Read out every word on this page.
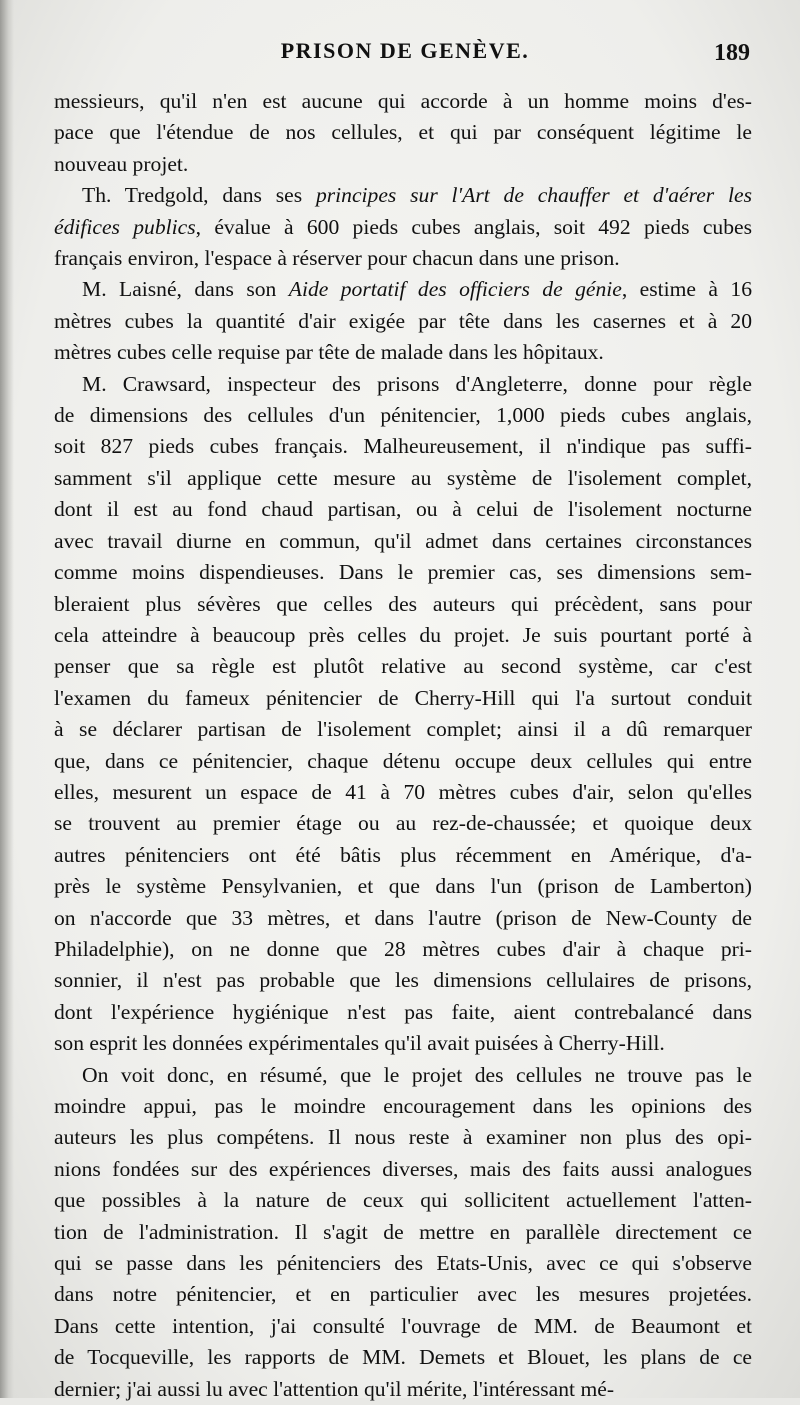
PRISON DE GENÈVE.	189
messieurs, qu'il n'en est aucune qui accorde à un homme moins d'es-
pace que l'étendue de nos cellules, et qui par conséquent légitime le
nouveau projet.
Th. Tredgold, dans ses principes sur l'Art de chauffer et d'aérer les
édifices publics, évalue à 600 pieds cubes anglais, soit 492 pieds cubes
français environ, l'espace à réserver pour chacun dans une prison.
M. Laisné, dans son Aide portatif des officiers de génie, estime à 16
mètres cubes la quantité d'air exigée par tête dans les casernes et à 20
mètres cubes celle requise par tête de malade dans les hôpitaux.
M. Crawsard, inspecteur des prisons d'Angleterre, donne pour règle
de dimensions des cellules d'un pénitencier, 1,000 pieds cubes anglais,
soit 827 pieds cubes français. Malheureusement, il n'indique pas suffi-
samment s'il applique cette mesure au système de l'isolement complet,
dont il est au fond chaud partisan, ou à celui de l'isolement nocturne
avec travail diurne en commun, qu'il admet dans certaines circonstances
comme moins dispendieuses. Dans le premier cas, ses dimensions sem-
bleraient plus sévères que celles des auteurs qui précèdent, sans pour
cela atteindre à beaucoup près celles du projet. Je suis pourtant porté à
penser que sa règle est plutôt relative au second système, car c'est
l'examen du fameux pénitencier de Cherry-Hill qui l'a surtout conduit
à se déclarer partisan de l'isolement complet; ainsi il a dû remarquer
que, dans ce pénitencier, chaque détenu occupe deux cellules qui entre
elles, mesurent un espace de 41 à 70 mètres cubes d'air, selon qu'elles
se trouvent au premier étage ou au rez-de-chaussée; et quoique deux
autres pénitenciers ont été bâtis plus récemment en Amérique, d'a-
près le système Pensylvanien, et que dans l'un (prison de Lamberton)
on n'accorde que 33 mètres, et dans l'autre (prison de New-County de
Philadelphie), on ne donne que 28 mètres cubes d'air à chaque pri-
sonnier, il n'est pas probable que les dimensions cellulaires de prisons,
dont l'expérience hygiénique n'est pas faite, aient contrebalancé dans
son esprit les données expérimentales qu'il avait puisées à Cherry-Hill.
On voit donc, en résumé, que le projet des cellules ne trouve pas le
moindre appui, pas le moindre encouragement dans les opinions des
auteurs les plus compétens. Il nous reste à examiner non plus des opi-
nions fondées sur des expériences diverses, mais des faits aussi analogues
que possibles à la nature de ceux qui sollicitent actuellement l'atten-
tion de l'administration. Il s'agit de mettre en parallèle directement ce
qui se passe dans les pénitenciers des Etats-Unis, avec ce qui s'observe
dans notre pénitencier, et en particulier avec les mesures projetées.
Dans cette intention, j'ai consulté l'ouvrage de MM. de Beaumont et
de Tocqueville, les rapports de MM. Demets et Blouet, les plans de ce
dernier; j'ai aussi lu avec l'attention qu'il mérite, l'intéressant mé-
